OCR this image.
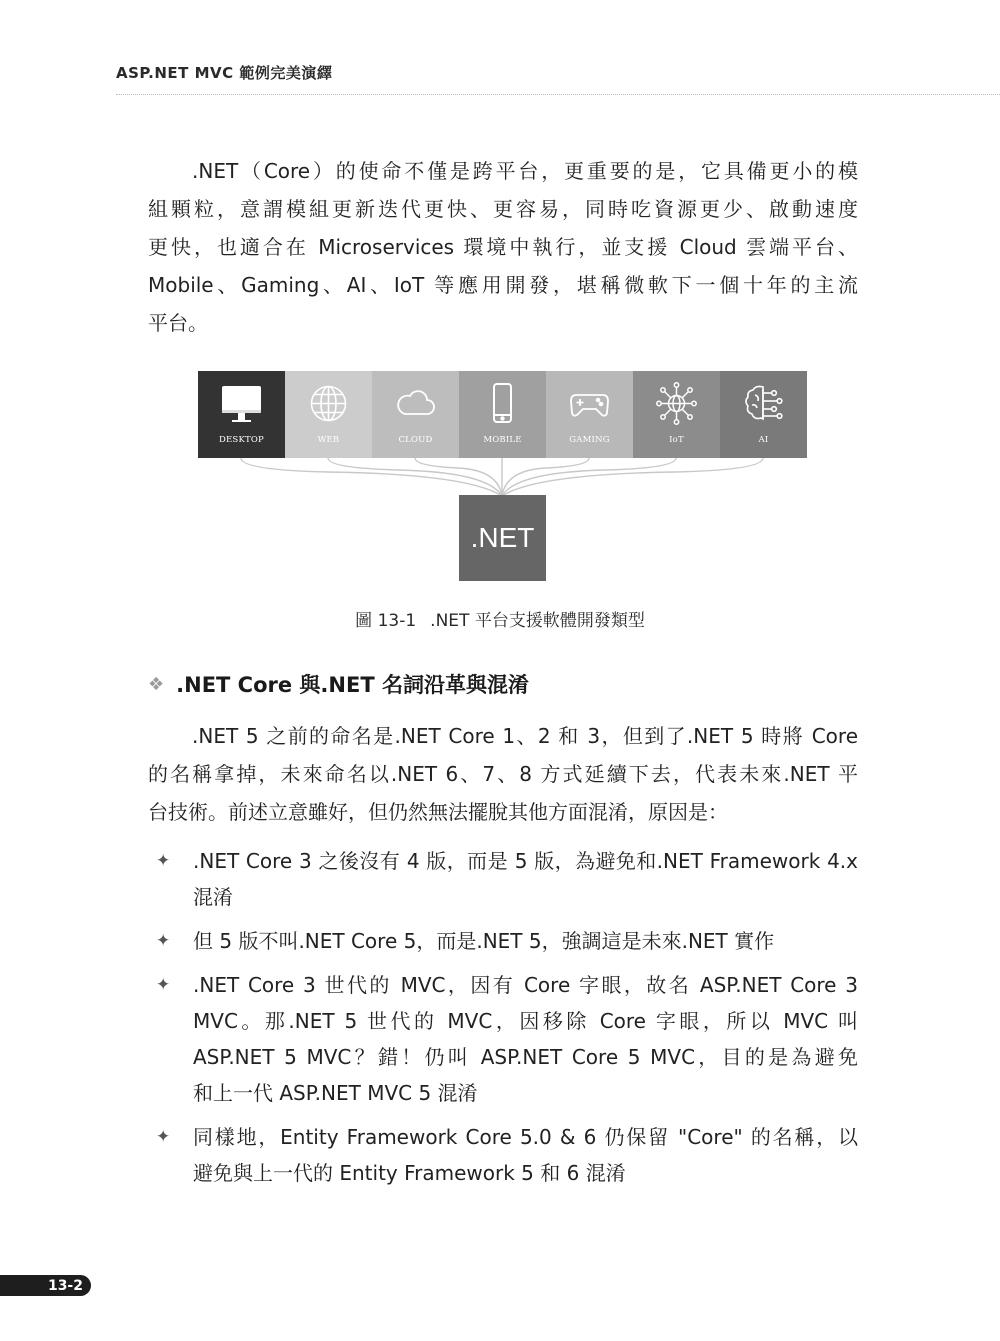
ASP.NET MVC 範例完美演繹

.NET（Core）的使命不僅是跨平台，更重要的是，它具備更小的模
組顆粒，意謂模組更新迭代更快、更容易，同時吃資源更少、啟動速度
更快，也適合在 Microservices 環境中執行，並支援 Cloud 雲端平台、
Mobile、Gaming、AI、IoT 等應用開發，堪稱微軟下一個十年的主流
平台。

DESKTOP	WEB	CLOUD	MOBILE	GAMING	IoT	AI
.NET
圖 13-1 .NET 平台支援軟體開發類型
❖ .NET Core 與.NET 名詞沿革與混淆

.NET 5 之前的命名是.NET Core 1、2 和 3，但到了.NET 5 時將 Core
的名稱拿掉，未來命名以.NET 6、7、8 方式延續下去，代表未來.NET 平
台技術。前述立意雖好，但仍然無法擺脫其他方面混淆，原因是：

✦ .NET Core 3 之後沒有 4 版，而是 5 版，為避免和.NET Framework 4.x
混淆
✦ 但 5 版不叫.NET Core 5，而是.NET 5，強調這是未來.NET 實作
✦ .NET Core 3 世代的 MVC，因有 Core 字眼，故名 ASP.NET Core 3
MVC。那.NET 5 世代的 MVC，因移除 Core 字眼，所以 MVC 叫
ASP.NET 5 MVC？錯！仍叫 ASP.NET Core 5 MVC，目的是為避免
和上一代 ASP.NET MVC 5 混淆
✦ 同樣地，Entity Framework Core 5.0 & 6 仍保留 "Core" 的名稱，以
避免與上一代的 Entity Framework 5 和 6 混淆
13-2
